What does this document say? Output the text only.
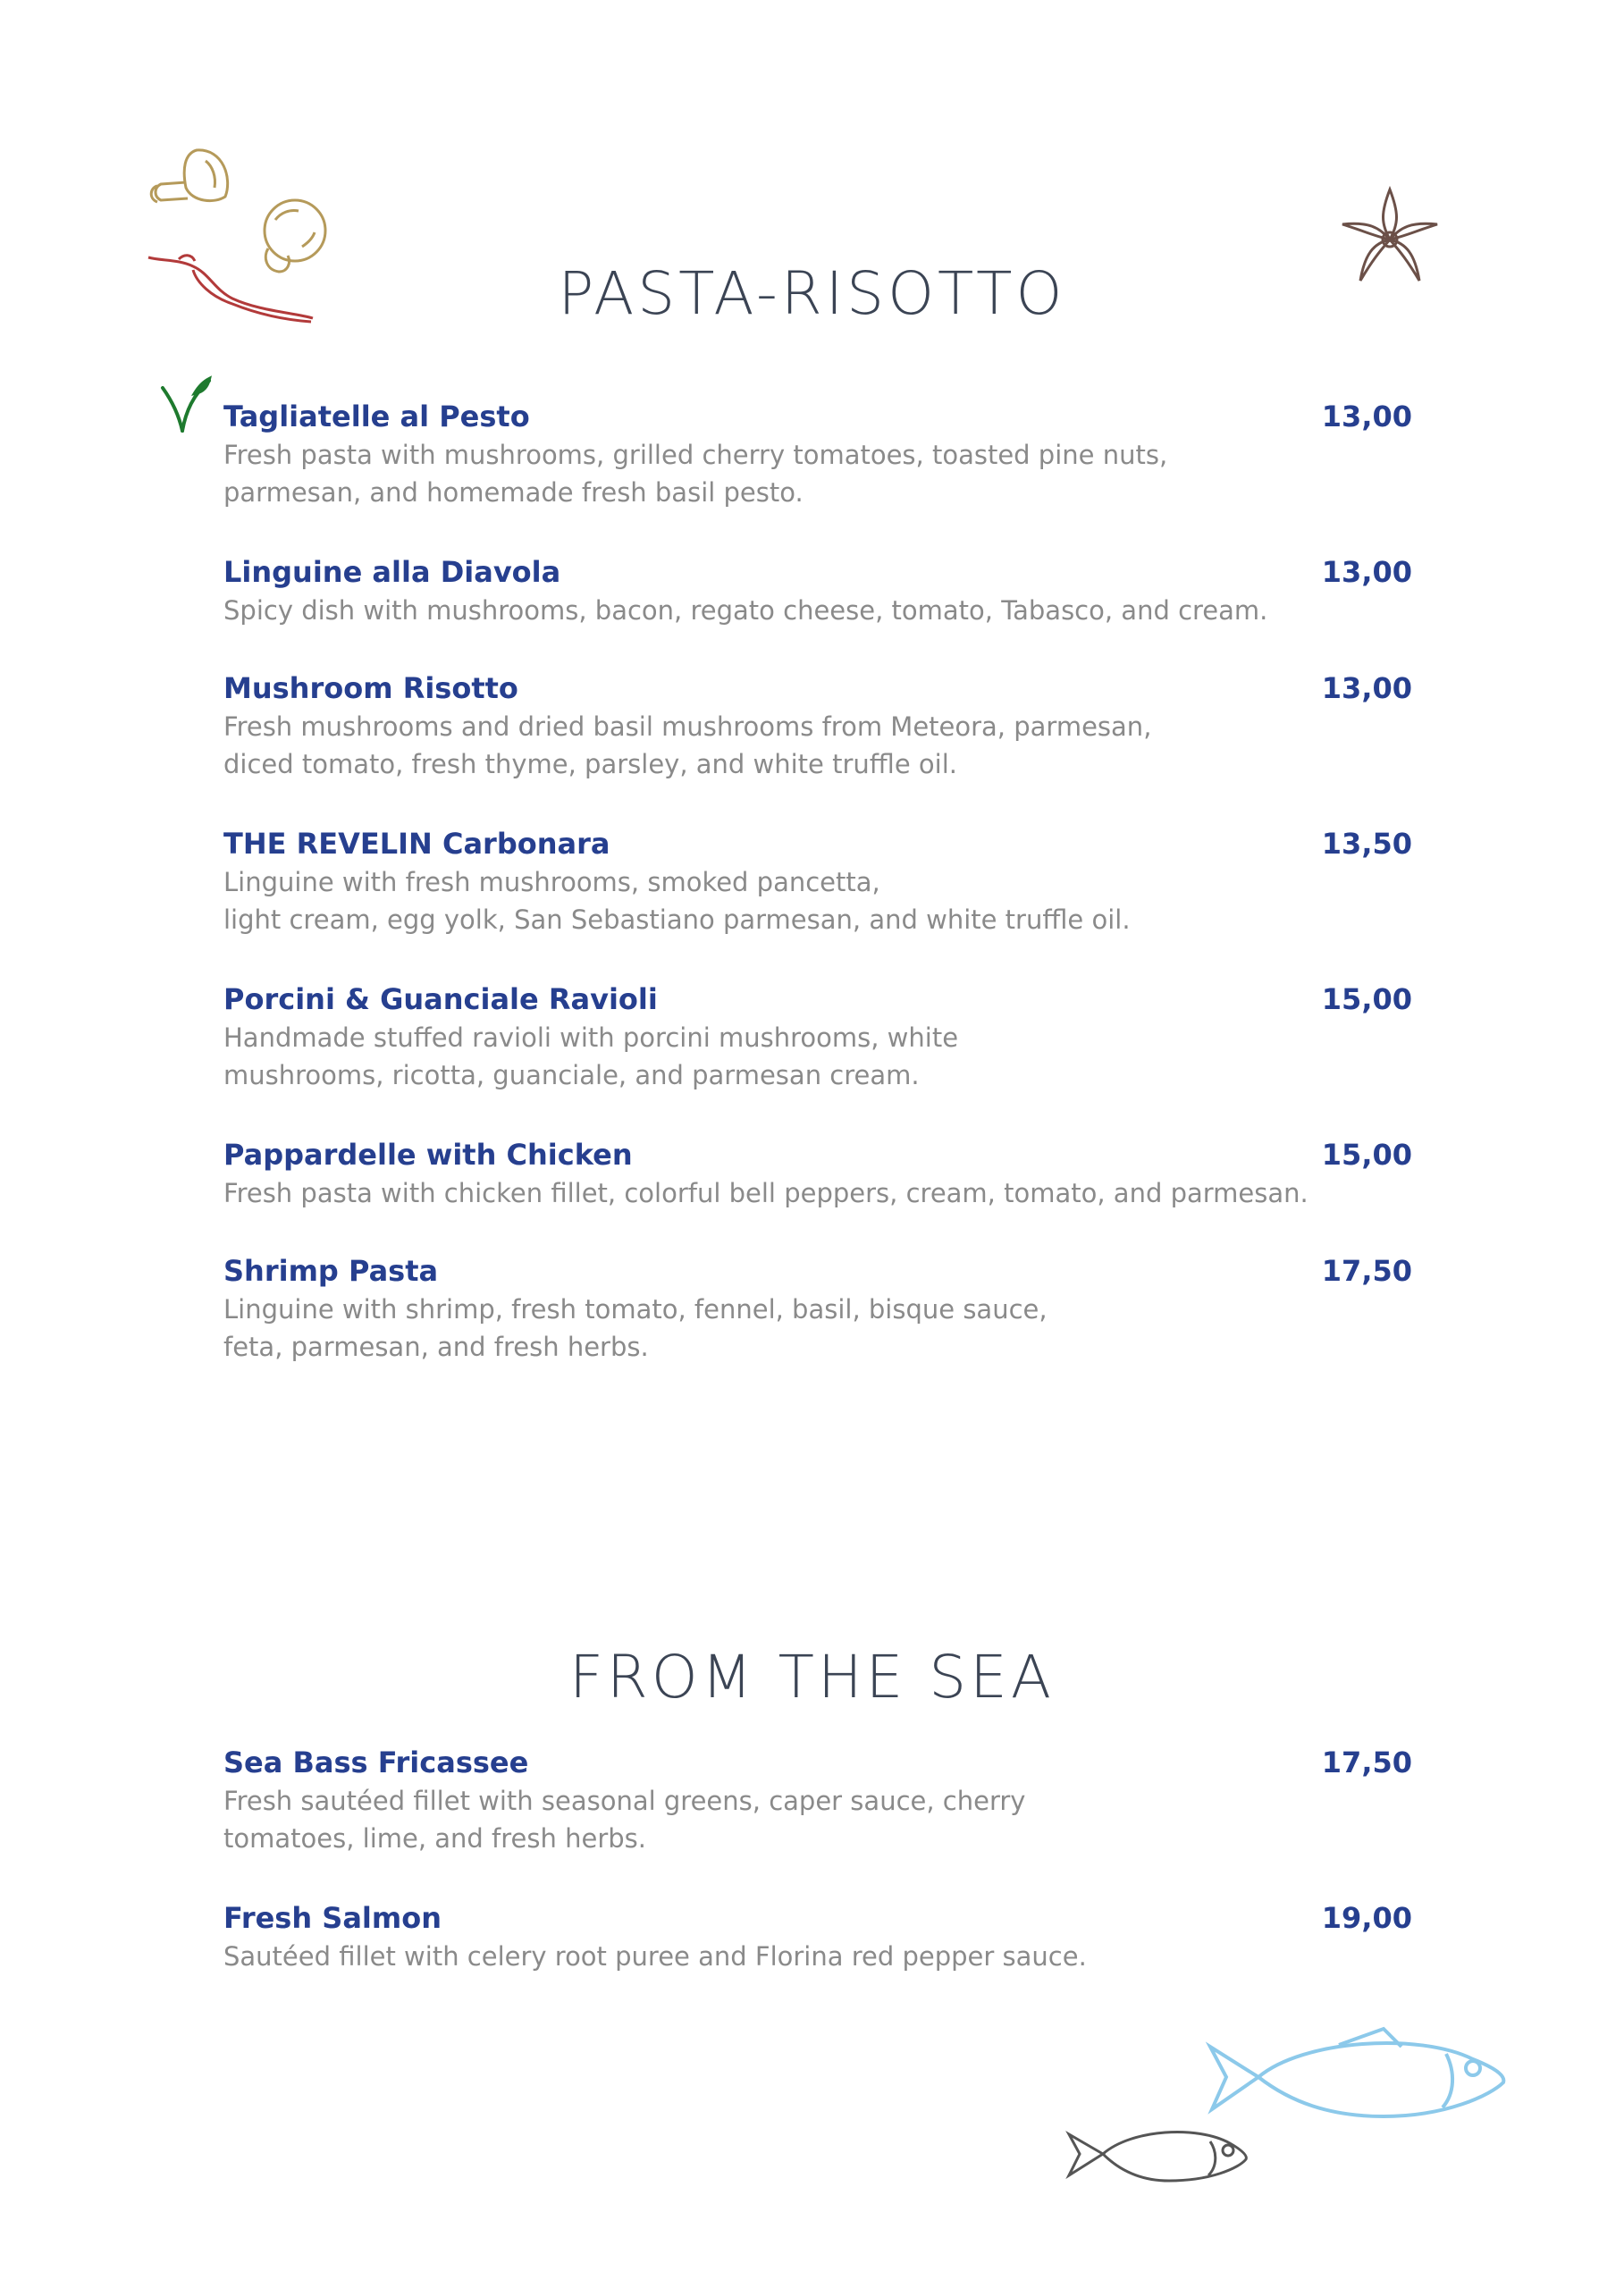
PASTA-RISOTTO
Tagliatelle al Pesto	13,00

Fresh pasta with mushrooms, grilled cherry tomatoes, toasted pine nuts,
parmesan, and homemade fresh basil pesto.

Linguine alla Diavola	13,00

Spicy dish with mushrooms, bacon, regato cheese, tomato, Tabasco, and cream.

Mushroom Risotto	13,00

Fresh mushrooms and dried basil mushrooms from Meteora, parmesan,
diced tomato, fresh thyme, parsley, and white truffle oil.

THE REVELIN Carbonara	13,50

Linguine with fresh mushrooms, smoked pancetta,
light cream, egg yolk, San Sebastiano parmesan, and white truffle oil.

Porcini & Guanciale Ravioli	15,00

Handmade stuffed ravioli with porcini mushrooms, white
mushrooms, ricotta, guanciale, and parmesan cream.

Pappardelle with Chicken	15,00

Fresh pasta with chicken fillet, colorful bell peppers, cream, tomato, and parmesan.

Shrimp Pasta	17,50

Linguine with shrimp, fresh tomato, fennel, basil, bisque sauce,
feta, parmesan, and fresh herbs.

FROM THE SEA
Sea Bass Fricassee	17,50

Fresh sautéed fillet with seasonal greens, caper sauce, cherry
tomatoes, lime, and fresh herbs.

Fresh Salmon	19,00

Sautéed fillet with celery root puree and Florina red pepper sauce.
